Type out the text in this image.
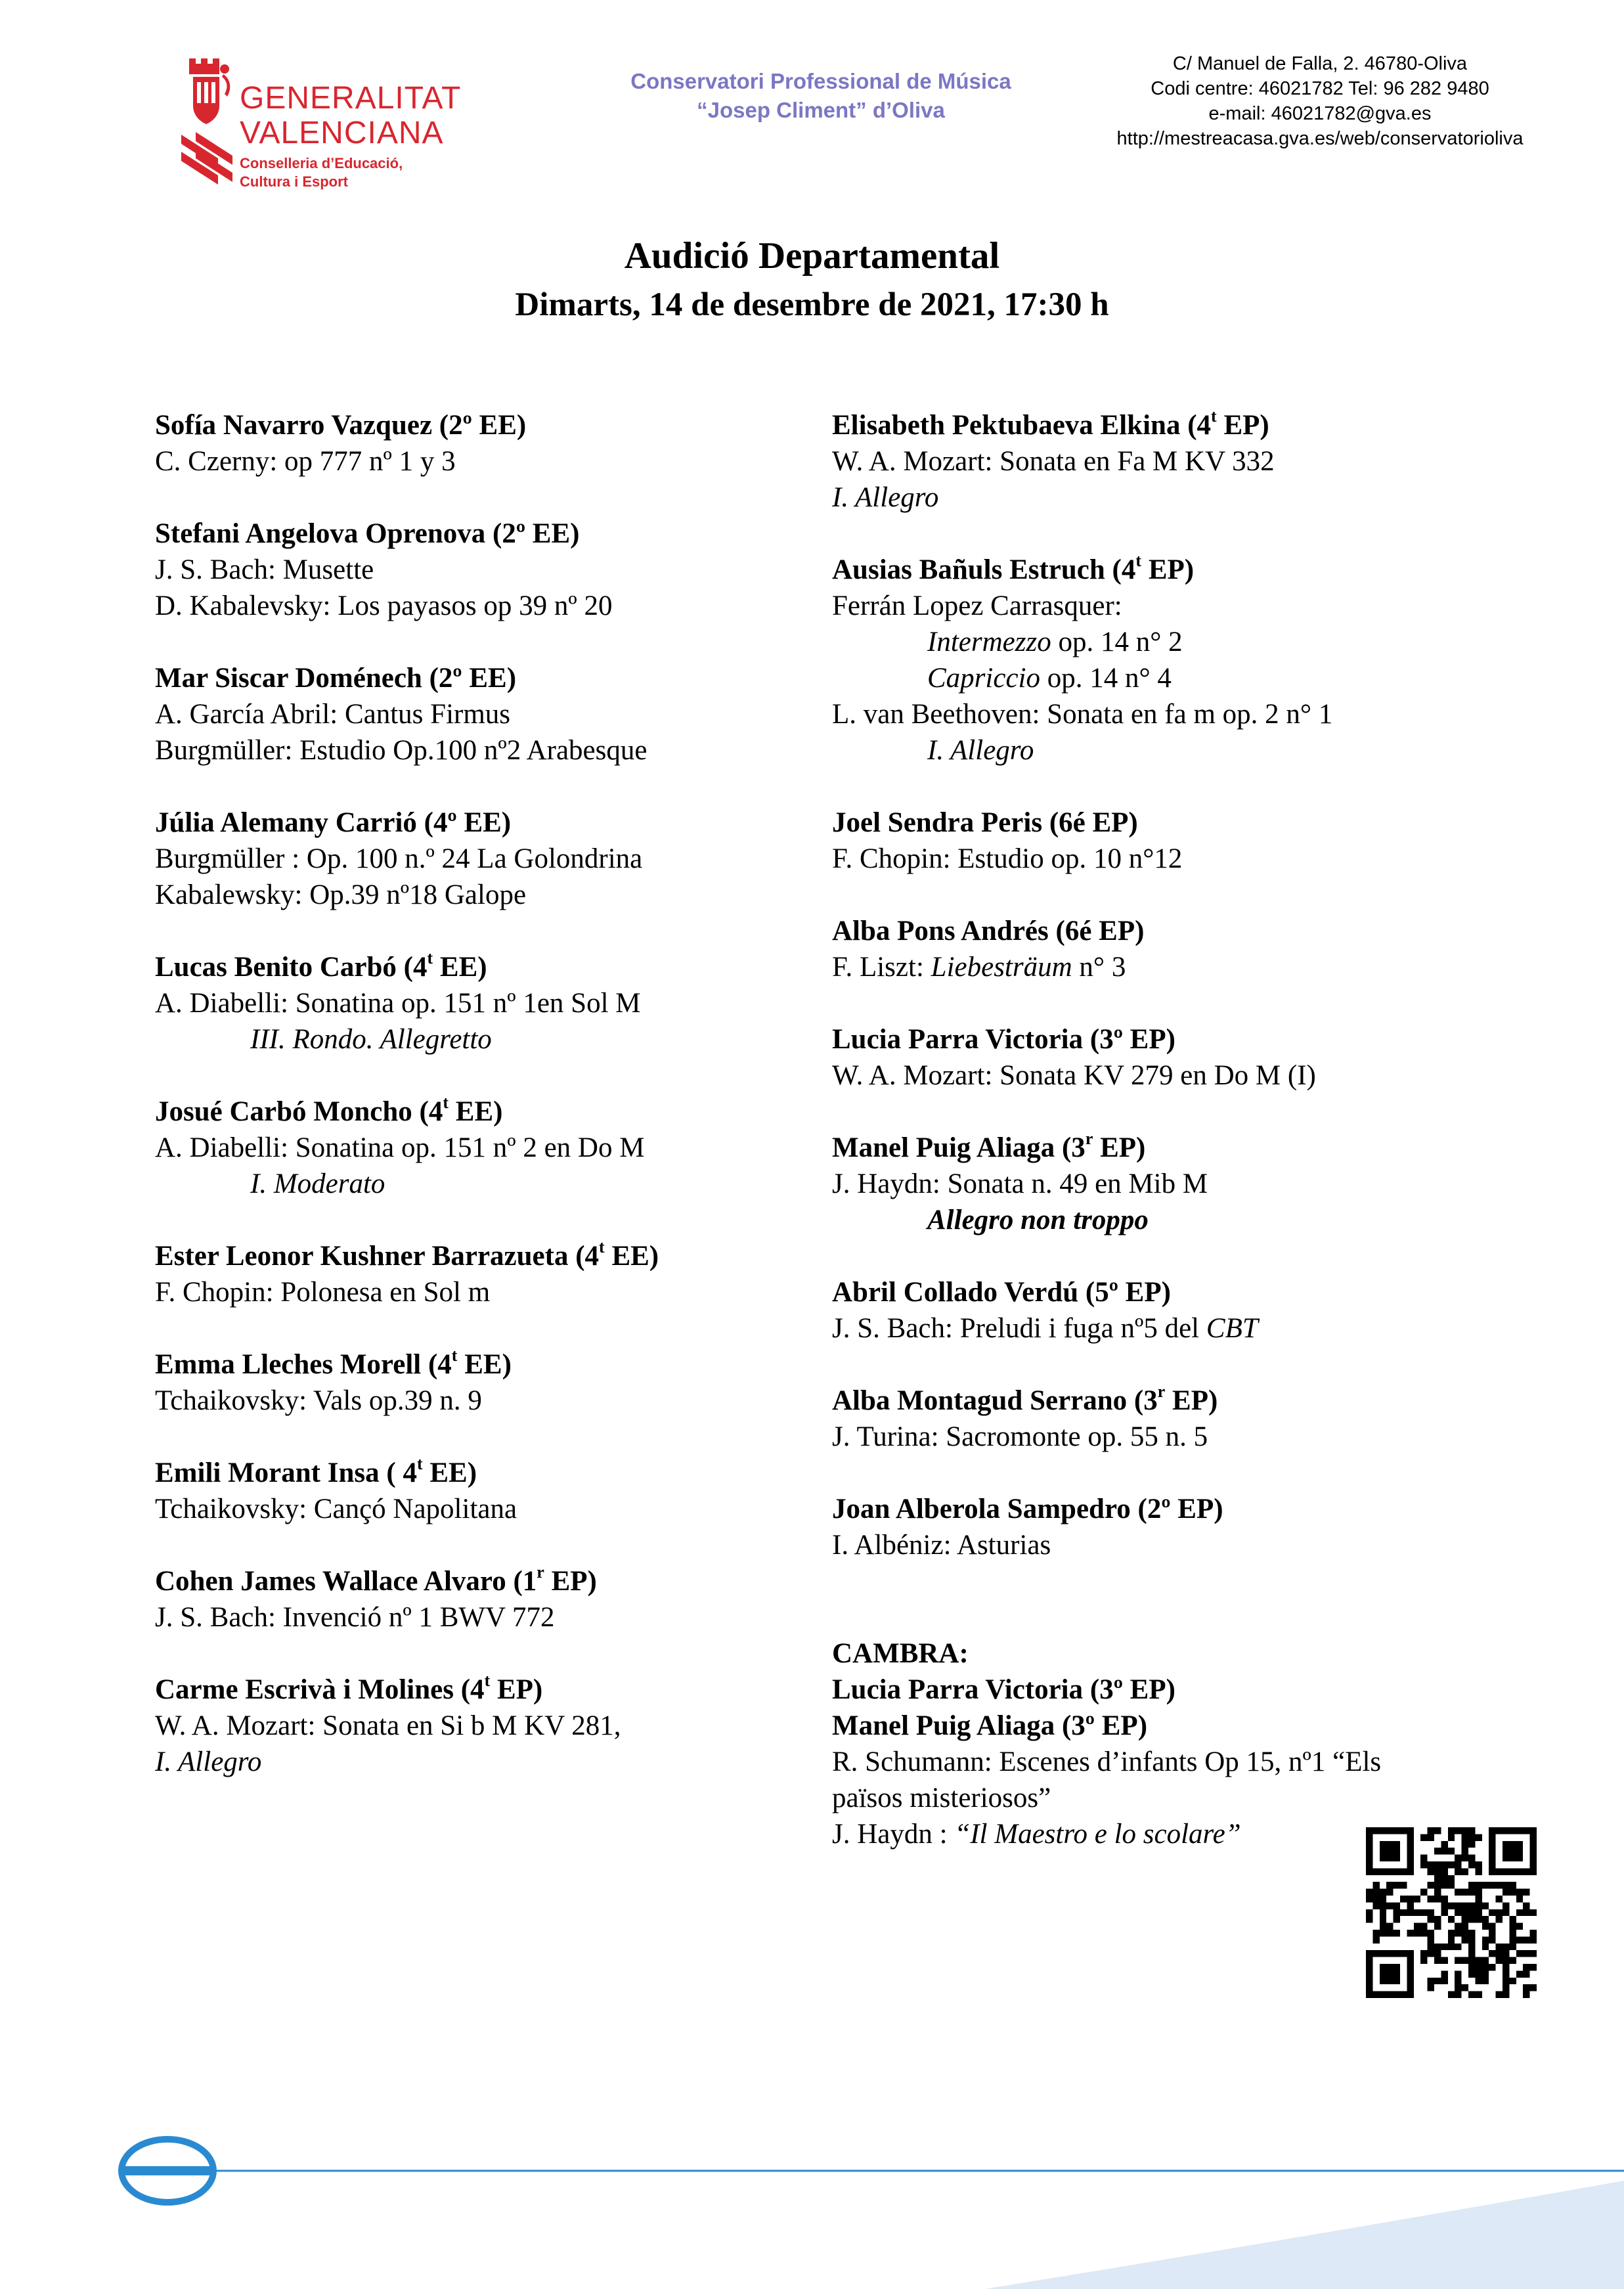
GENERALITAT
VALENCIANA
Conselleria d’Educació,
Cultura i Esport
Conservatori Professional de Música
“Josep Climent” d’Oliva
C/ Manuel de Falla, 2. 46780-Oliva
Codi centre: 46021782 Tel: 96 282 9480
e-mail: 46021782@gva.es
http://mestreacasa.gva.es/web/conservatorioliva
Audició Departamental
Dimarts, 14 de desembre de 2021, 17:30 h
Sofía Navarro Vazquez (2º EE)
C. Czerny: op 777 nº 1 y 3
Stefani Angelova Oprenova (2º EE)
J. S. Bach: Musette
D. Kabalevsky: Los payasos op 39 nº 20
Mar Siscar Doménech (2º EE)
A. García Abril: Cantus Firmus
Burgmüller: Estudio Op.100 nº2 Arabesque
Júlia Alemany Carrió (4º EE)
Burgmüller : Op. 100 n.º 24 La Golondrina
Kabalewsky: Op.39 nº18 Galope
Lucas Benito Carbó (4$^t$ EE)
A. Diabelli: Sonatina op. 151 nº 1en Sol M
III. Rondo. Allegretto
Josué Carbó Moncho (4$^t$ EE)
A. Diabelli: Sonatina op. 151 nº 2 en Do M
I. Moderato
Ester Leonor Kushner Barrazueta (4$^t$ EE)
F. Chopin: Polonesa en Sol m
Emma Lleches Morell (4$^t$ EE)
Tchaikovsky: Vals op.39 n. 9
Emili Morant Insa ( 4$^t$ EE)
Tchaikovsky: Cançó Napolitana
Cohen James Wallace Alvaro (1$^r$ EP)
J. S. Bach: Invenció nº 1 BWV 772
Carme Escrivà i Molines (4$^t$ EP)
W. A. Mozart: Sonata en Si b M KV 281,
I. Allegro
Elisabeth Pektubaeva Elkina (4$^t$ EP)
W. A. Mozart: Sonata en Fa M KV 332
I. Allegro
Ausias Bañuls Estruch (4$^t$ EP)
Ferrán Lopez Carrasquer:
Intermezzo op. 14 n° 2
Capriccio op. 14 n° 4
L. van Beethoven: Sonata en fa m op. 2 n° 1
I. Allegro
Joel Sendra Peris (6é EP)
F. Chopin: Estudio op. 10 n°12
Alba Pons Andrés (6é EP)
F. Liszt: Liebesträum n° 3
Lucia Parra Victoria (3º EP)
W. A. Mozart: Sonata KV 279 en Do M (I)
Manel Puig Aliaga (3$^r$ EP)
J. Haydn: Sonata n. 49 en Mib M
Allegro non troppo
Abril Collado Verdú (5º EP)
J. S. Bach: Preludi i fuga nº5 del CBT
Alba Montagud Serrano (3$^r$ EP)
J. Turina: Sacromonte op. 55 n. 5
Joan Alberola Sampedro (2º EP)
I. Albéniz: Asturias
CAMBRA:
Lucia Parra Victoria (3º EP)
Manel Puig Aliaga (3º EP)
R. Schumann: Escenes d’infants Op 15, nº1 “Els
països misteriosos”
J. Haydn : “Il Maestro e lo scolare”
